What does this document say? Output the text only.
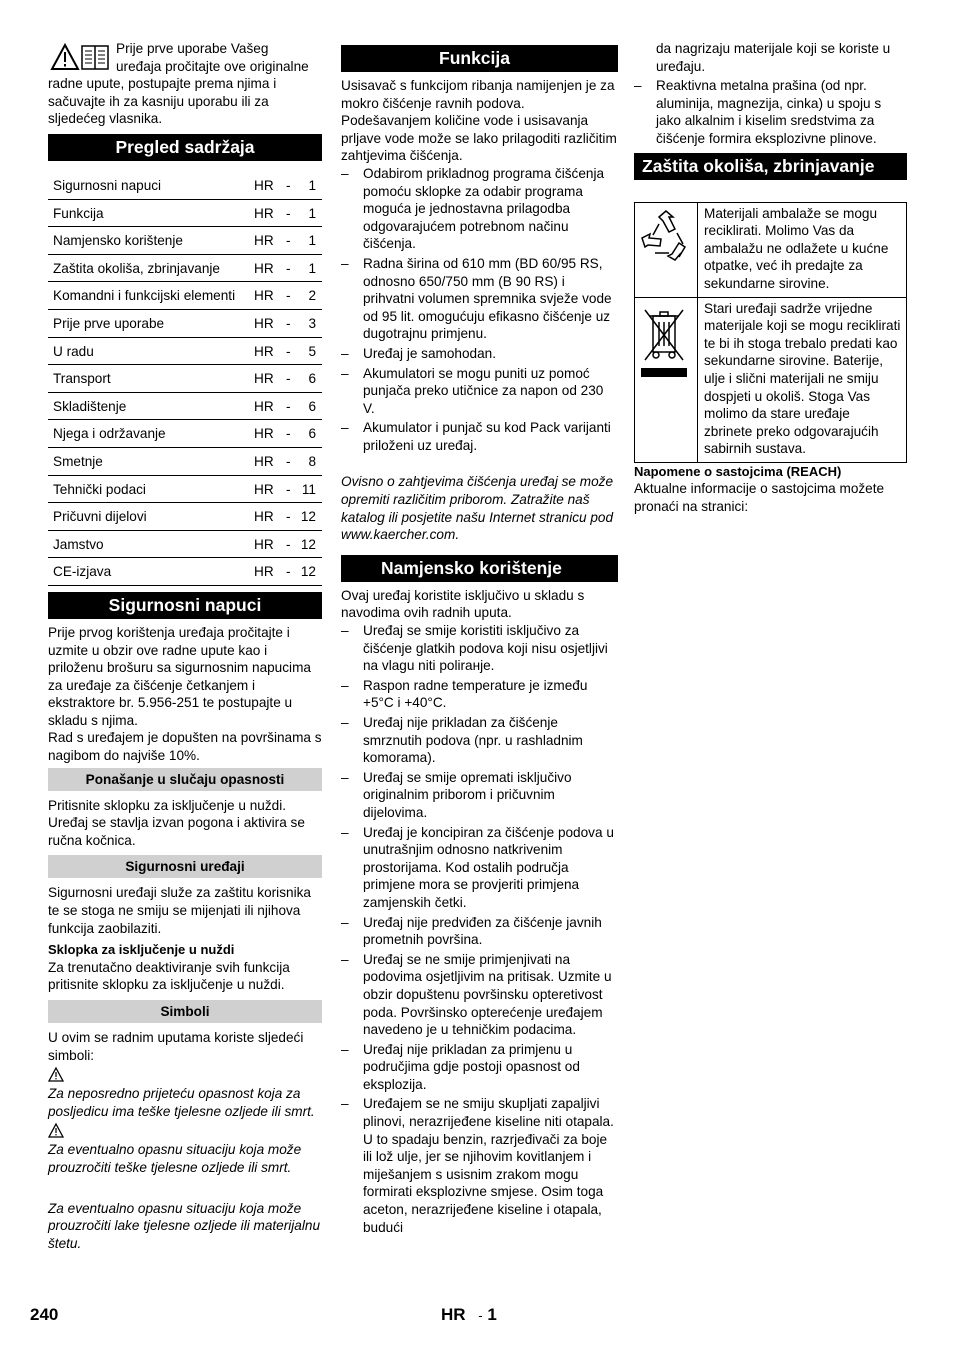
Prije prve uporabe Vašeg

uređaja pročitajte ove originalne

radne upute, postupajte prema njima i sačuvajte ih za kasniju uporabu ili za sljedećeg vlasnika.

Pregled sadržaja
Sigurnosni napuci	HR -	1
Funkcija	HR -	1
Namjensko korištenje	HR -	1
Zaštita okoliša, zbrinjavanje	HR -	1
Komandni i funkcijski elementi	HR -	2
Prije prve uporabe	HR -	3
U radu	HR -	5
Transport	HR -	6
Skladištenje	HR -	6
Njega i održavanje	HR -	6
Smetnje	HR -	8
Tehnički podaci	HR - 11
Pričuvni dijelovi	HR - 12
Jamstvo	HR - 12
CE-izjava	HR - 12
Sigurnosni napuci

Prije prvog korištenja uređaja pročitajte i uzmite u obzir ove radne upute kao i priloženu brošuru sa sigurnosnim napucima za uređaje za čišćenje četkanjem i ekstraktore br. 5.956-251 te postupajte u skladu s njima.

Rad s uređajem je dopušten na površinama s nagibom do najviše 10%.

Ponašanje u slučaju opasnosti

Pritisnite sklopku za isključenje u nuždi. Uređaj se stavlja izvan pogona i aktivira se ručna kočnica.

Sigurnosni uređaji

Sigurnosni uređaji služe za zaštitu korisnika te se stoga ne smiju se mijenjati ili njihova funkcija zaobilaziti.

Sklopka za isključenje u nuždi

Za trenutačno deaktiviranje svih funkcija pritisnite sklopku za isključenje u nuždi.

Simboli

U ovim se radnim uputama koriste sljedeći simboli:

Za neposredno prijeteću opasnost koja za posljedicu ima teške tjelesne ozljede ili smrt.

Za eventualno opasnu situaciju koja može prouzročiti teške tjelesne ozljede ili smrt.

Za eventualno opasnu situaciju koja može prouzročiti lake tjelesne ozljede ili materijalnu štetu.

Funkcija

Usisavač s funkcijom ribanja namijenjen je za mokro čišćenje ravnih podova. Podešavanjem količine vode i usisavanja prljave vode može se lako prilagoditi različitim zahtjevima čišćenja.

– Odabirom prikladnog programa čišćenja pomoću sklopke za odabir programa moguća je jednostavna prilagodba odgovarajućem potrebnom načinu čišćenja.
– Radna širina od 610 mm (BD 60/95 RS, odnosno 650/750 mm (B 90 RS) i prihvatni volumen spremnika svježe vode od 95 lit. omogućuju efikasno čišćenje uz dugotrajnu primjenu.
– Uređaj je samohodan.
– Akumulatori se mogu puniti uz pomoć punjača preko utičnice za napon od 230 V.
– Akumulator i punjač su kod Pack varijanti priloženi uz uređaj.

Ovisno o zahtjevima čišćenja uređaj se može opremiti različitim priborom. Zatražite naš katalog ili posjetite našu Internet stranicu pod www.kaercher.com.

Namjensko korištenje

Ovaj uređaj koristite isključivo u skladu s navodima ovih radnih uputa.

– Uređaj se smije koristiti isključivo za čišćenje glatkih podova koji nisu osjetljivi na vlagu niti polirанje.
– Raspon radne temperature je između +5°C i +40°C.
– Uređaj nije prikladan za čišćenje smrznutih podova (npr. u rashladnim komorama).
– Uređaj se smije opremati isključivo originalnim priborom i pričuvnim dijelovima.
– Uređaj je koncipiran za čišćenje podova u unutrašnjim odnosno natkrivenim prostorijama. Kod ostalih područja primjene mora se provjeriti primjena zamjenskih četki.
– Uređaj nije predviđen za čišćenje javnih prometnih površina.
– Uređaj se ne smije primjenjivati na podovima osjetljivim na pritisak. Uzmite u obzir dopuštenu površinsku opteretivost poda. Površinsko opterećenje uređajem navedeno je u tehničkim podacima.
– Uređaj nije prikladan za primjenu u područjima gdje postoji opasnost od eksplozija.
– Uređajem se ne smiju skupljati zapaljivi plinovi, nerazrijeđene kiseline niti otapala.

U to spadaju benzin, razrjeđivači za boje ili lož ulje, jer se njihovim kovitlanjem i miješanjem s usisnim zrakom mogu formirati eksplozivne smjese. Osim toga aceton, nerazrijeđene kiseline i otapala, budući

da nagrizaju materijale koji se koriste u uređaju.

– Reaktivna metalna prašina (od npr. aluminija, magnezija, cinka) u spoju s jako alkalnim i kiselim sredstvima za čišćenje formira eksplozivne plinove.
Zaštita okoliša, zbrinjavanje
Materijali ambalaže se mogu reciklirati. Molimo Vas da ambalažu ne odlažete u kućne otpatke, već ih predajte za sekundarne sirovine.
Stari uređaji sadrže vrijedne materijale koji se mogu reciklirati te bi ih stoga trebalo predati kao sekundarne sirovine. Baterije, ulje i slični materijali ne smiju dospjeti u okoliš. Stoga Vas molimo da stare uređaje zbrinete preko odgovarajućih sabirnih sustava.

Napomene o sastojcima (REACH)

Aktualne informacije o sastojcima možete pronaći na stranici:

240	HR - 1
